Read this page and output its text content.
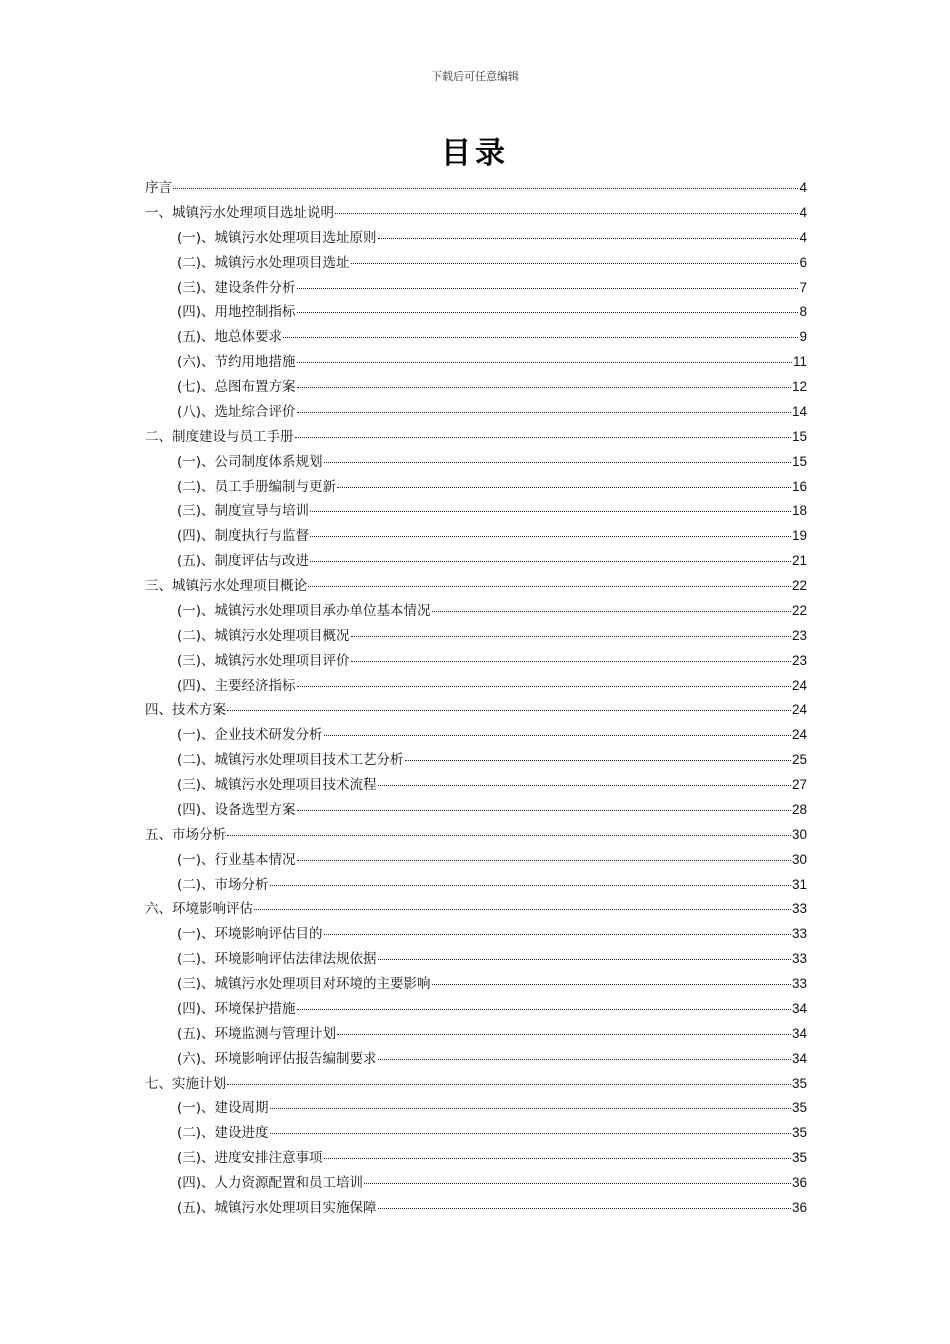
下载后可任意编辑
目录
序言	4
一、城镇污水处理项目选址说明	4
(一)、城镇污水处理项目选址原则	4
(二)、城镇污水处理项目选址	6
(三)、建设条件分析	7
(四)、用地控制指标	8
(五)、地总体要求	9
(六)、节约用地措施	11
(七)、总图布置方案	12
(八)、选址综合评价	14
二、制度建设与员工手册	15
(一)、公司制度体系规划	15
(二)、员工手册编制与更新	16
(三)、制度宣导与培训	18
(四)、制度执行与监督	19
(五)、制度评估与改进	21
三、城镇污水处理项目概论	22
(一)、城镇污水处理项目承办单位基本情况	22
(二)、城镇污水处理项目概况	23
(三)、城镇污水处理项目评价	23
(四)、主要经济指标	24
四、技术方案	24
(一)、企业技术研发分析	24
(二)、城镇污水处理项目技术工艺分析	25
(三)、城镇污水处理项目技术流程	27
(四)、设备选型方案	28
五、市场分析	30
(一)、行业基本情况	30
(二)、市场分析	31
六、环境影响评估	33
(一)、环境影响评估目的	33
(二)、环境影响评估法律法规依据	33
(三)、城镇污水处理项目对环境的主要影响	33
(四)、环境保护措施	34
(五)、环境监测与管理计划	34
(六)、环境影响评估报告编制要求	34
七、实施计划	35
(一)、建设周期	35
(二)、建设进度	35
(三)、进度安排注意事项	35
(四)、人力资源配置和员工培训	36
(五)、城镇污水处理项目实施保障	36
